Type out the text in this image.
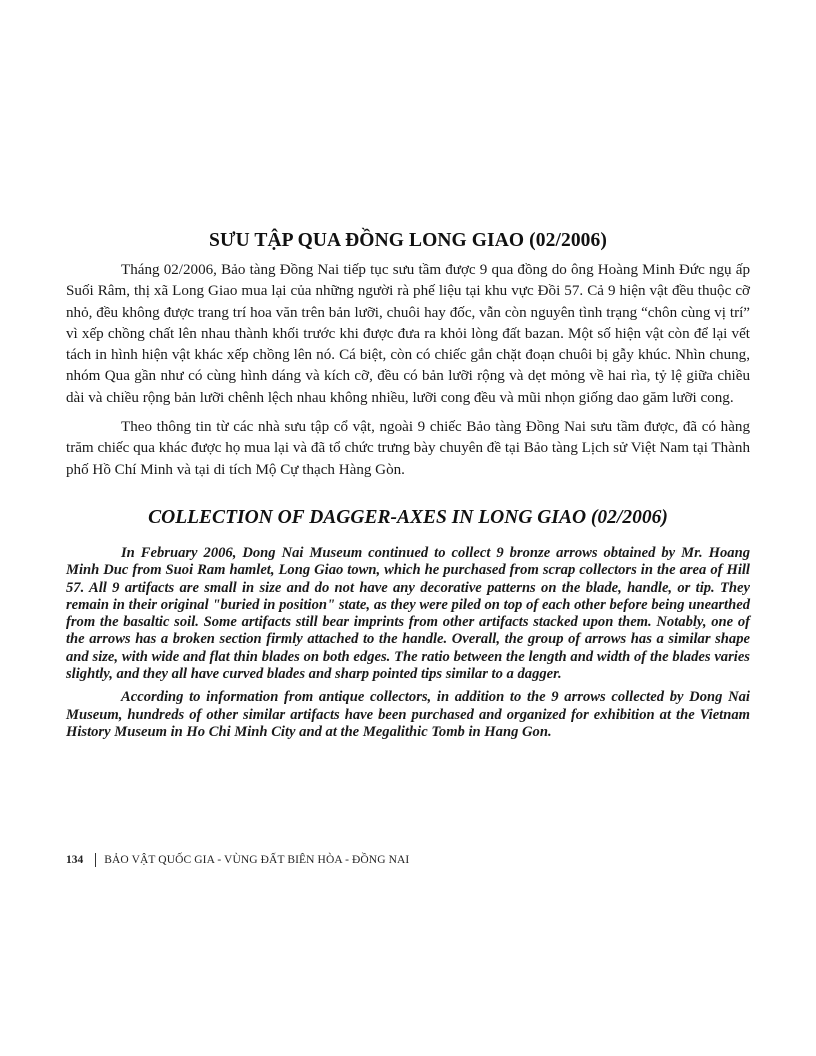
SƯU TẬP QUA ĐỒNG LONG GIAO (02/2006)

Tháng 02/2006, Bảo tàng Đồng Nai tiếp tục sưu tầm được 9 qua đồng do ông Hoàng Minh Đức ngụ ấp Suối Râm, thị xã Long Giao mua lại của những người rà phế liệu tại khu vực Đồi 57. Cả 9 hiện vật đều thuộc cỡ nhỏ, đều không được trang trí hoa văn trên bản lưỡi, chuôi hay đốc, vẫn còn nguyên tình trạng “chôn cùng vị trí” vì xếp chồng chất lên nhau thành khối trước khi được đưa ra khỏi lòng đất bazan. Một số hiện vật còn để lại vết tách in hình hiện vật khác xếp chồng lên nó. Cá biệt, còn có chiếc gắn chặt đoạn chuôi bị gẫy khúc. Nhìn chung, nhóm Qua gần như có cùng hình dáng và kích cỡ, đều có bản lưỡi rộng và dẹt mỏng về hai rìa, tỷ lệ giữa chiều dài và chiều rộng bản lưỡi chênh lệch nhau không nhiều, lưỡi cong đều và mũi nhọn giống dao găm lưỡi cong.

Theo thông tin từ các nhà sưu tập cổ vật, ngoài 9 chiếc Bảo tàng Đồng Nai sưu tầm được, đã có hàng trăm chiếc qua khác được họ mua lại và đã tổ chức trưng bày chuyên đề tại Bảo tàng Lịch sử Việt Nam tại Thành phố Hồ Chí Minh và tại di tích Mộ Cự thạch Hàng Gòn.

COLLECTION OF DAGGER-AXES IN LONG GIAO (02/2006)

In February 2006, Dong Nai Museum continued to collect 9 bronze arrows obtained by Mr. Hoang Minh Duc from Suoi Ram hamlet, Long Giao town, which he purchased from scrap collectors in the area of Hill 57. All 9 artifacts are small in size and do not have any decorative patterns on the blade, handle, or tip. They remain in their original "buried in position" state, as they were piled on top of each other before being unearthed from the basaltic soil. Some artifacts still bear imprints from other artifacts stacked upon them. Notably, one of the arrows has a broken section firmly attached to the handle. Overall, the group of arrows has a similar shape and size, with wide and flat thin blades on both edges. The ratio between the length and width of the blades varies slightly, and they all have curved blades and sharp pointed tips similar to a dagger.

According to information from antique collectors, in addition to the 9 arrows collected by Dong Nai Museum, hundreds of other similar artifacts have been purchased and organized for exhibition at the Vietnam History Museum in Ho Chi Minh City and at the Megalithic Tomb in Hang Gon.

134 BẢO VẬT QUỐC GIA - VÙNG ĐẤT BIÊN HÒA - ĐỒNG NAI
